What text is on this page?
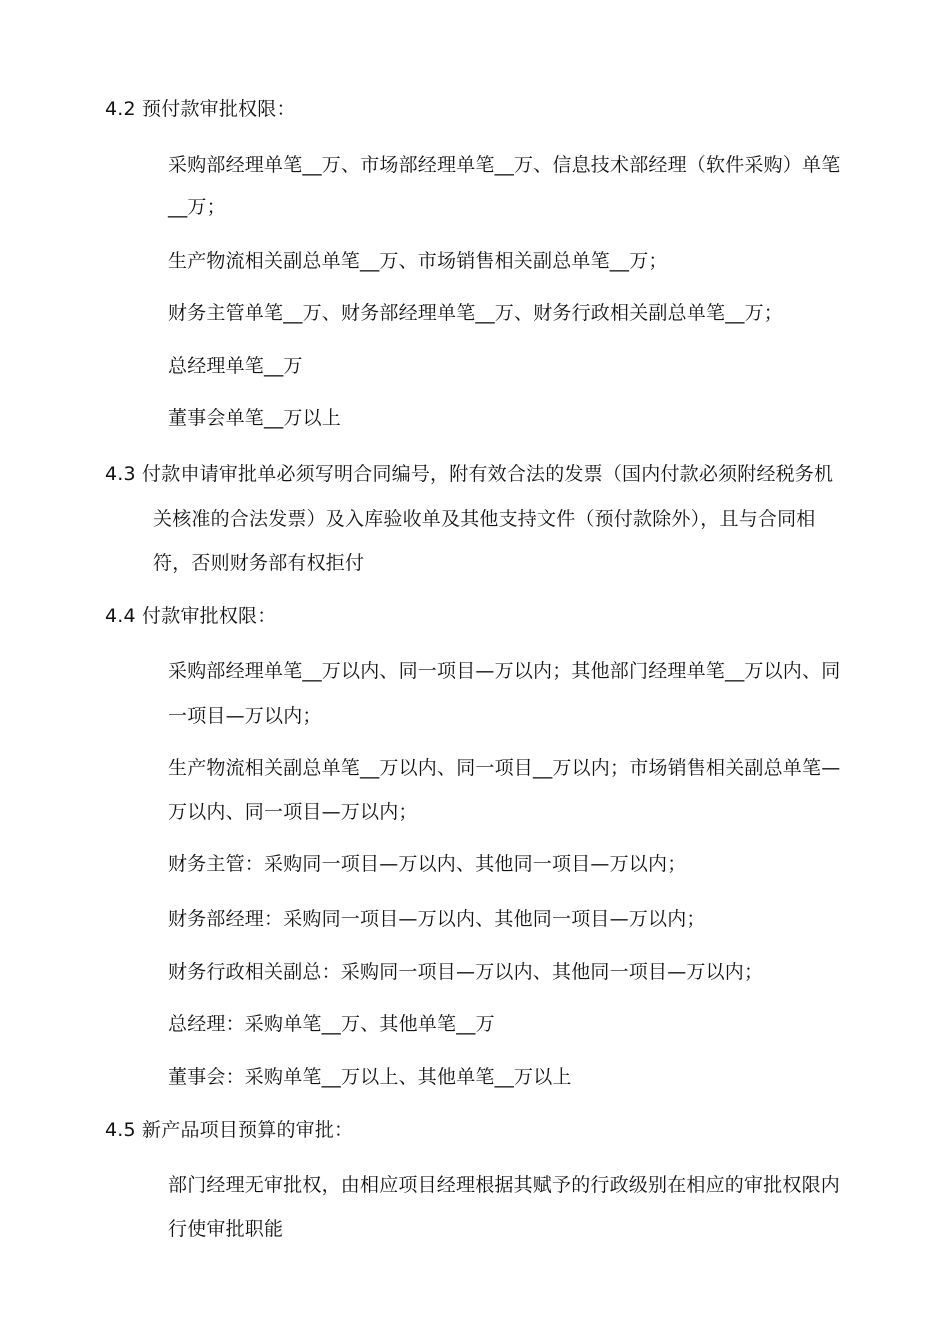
4.2 预付款审批权限：
采购部经理单笔__万、市场部经理单笔__万、信息技术部经理（软件采购）单笔
__万；
生产物流相关副总单笔__万、市场销售相关副总单笔__万；
财务主管单笔__万、财务部经理单笔__万、财务行政相关副总单笔__万；
总经理单笔__万
董事会单笔__万以上
4.3 付款申请审批单必须写明合同编号，附有效合法的发票（国内付款必须附经税务机
关核准的合法发票）及入库验收单及其他支持文件（预付款除外），且与合同相
符，否则财务部有权拒付
4.4 付款审批权限：
采购部经理单笔__万以内、同一项目—万以内；其他部门经理单笔__万以内、同
一项目—万以内；
生产物流相关副总单笔__万以内、同一项目__万以内；市场销售相关副总单笔—
万以内、同一项目—万以内；
财务主管：采购同一项目—万以内、其他同一项目—万以内；
财务部经理：采购同一项目—万以内、其他同一项目—万以内；
财务行政相关副总：采购同一项目—万以内、其他同一项目—万以内；
总经理：采购单笔__万、其他单笔__万
董事会：采购单笔__万以上、其他单笔__万以上
4.5 新产品项目预算的审批：
部门经理无审批权，由相应项目经理根据其赋予的行政级别在相应的审批权限内
行使审批职能
